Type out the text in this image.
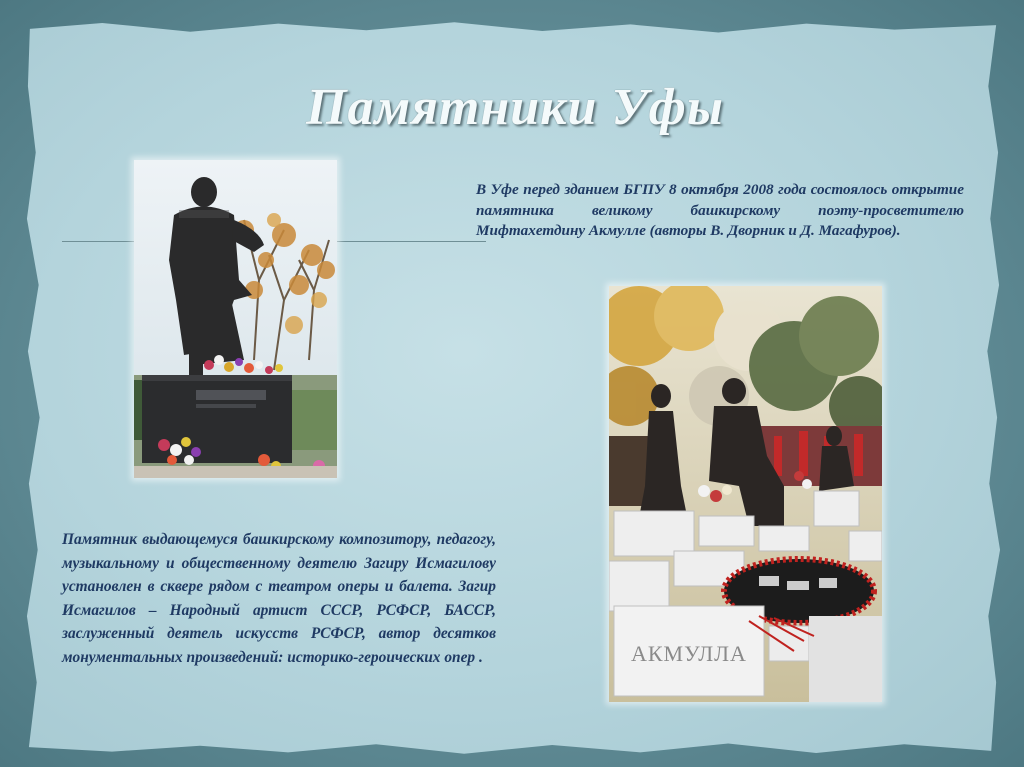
Памятники Уфы

В Уфе перед зданием БГПУ 8 октября 2008 года состоялось открытие памятника великому башкирскому поэту-просветителю Мифтахетдину Акмулле (авторы В. Дворник и Д. Магафуров).

АКМУЛЛА

Памятник выдающемуся башкирскому композитору, педагогу, музыкальному и общественному деятелю Загиру Исмагилову установлен в сквере рядом с театром оперы и балета. Загир Исмагилов – Народный артист СССР, РСФСР, БАССР, заслуженный деятель искусств РСФСР, автор десятков монументальных произведений: историко-героических опер .
